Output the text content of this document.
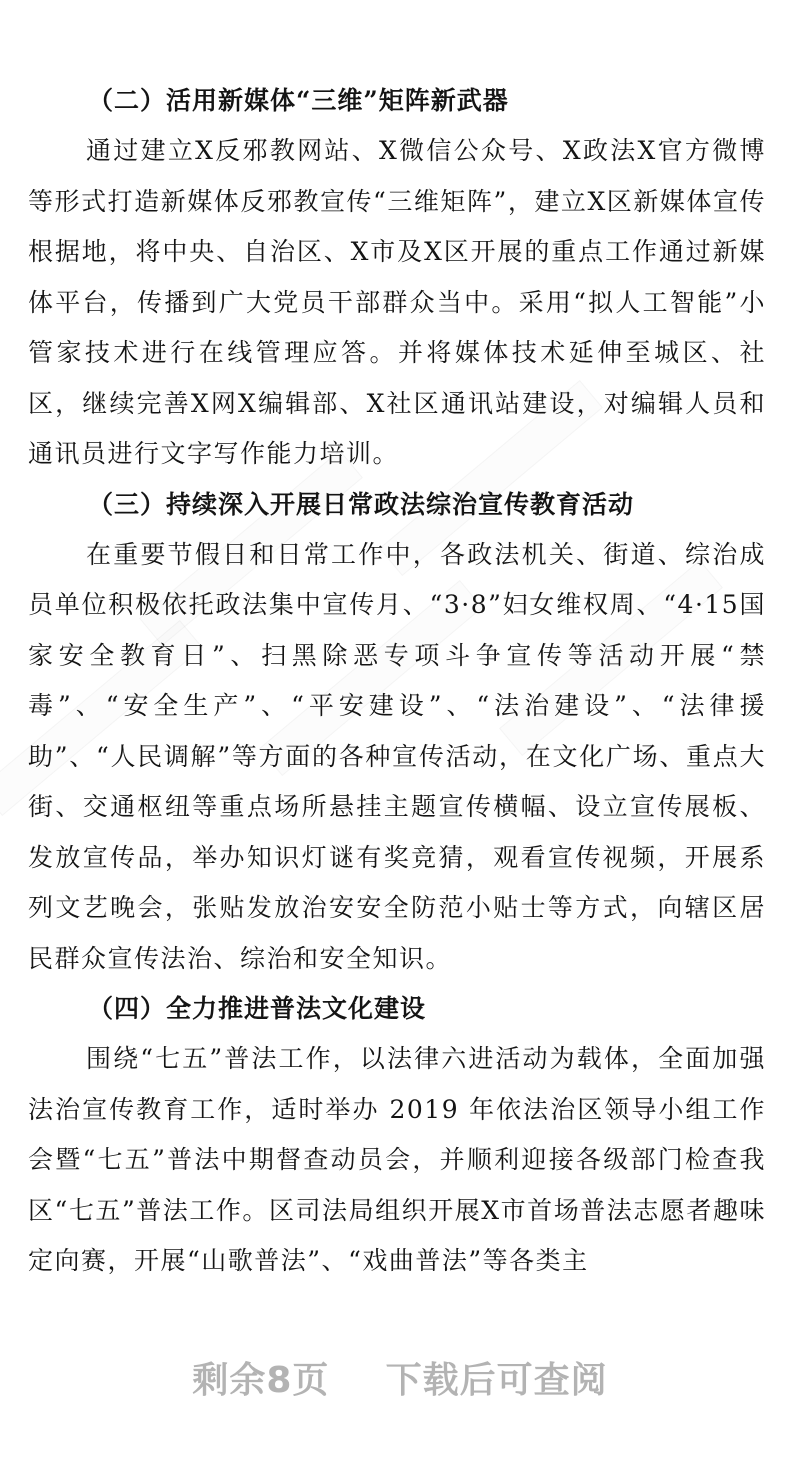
（二）活用新媒体“三维”矩阵新武器

通过建立X反邪教网站、X微信公众号、X政法X官方微博等形式打造新媒体反邪教宣传“三维矩阵”，建立X区新媒体宣传根据地，将中央、自治区、X市及X区开展的重点工作通过新媒体平台，传播到广大党员干部群众当中。采用“拟人工智能”小管家技术进行在线管理应答。并将媒体技术延伸至城区、社区，继续完善X网X编辑部、X社区通讯站建设，对编辑人员和通讯员进行文字写作能力培训。

（三）持续深入开展日常政法综治宣传教育活动

在重要节假日和日常工作中，各政法机关、街道、综治成员单位积极依托政法集中宣传月、“3·8”妇女维权周、“4·15国家安全教育日”、扫黑除恶专项斗争宣传等活动开展“禁毒”、“安全生产”、“平安建设”、“法治建设”、“法律援助”、“人民调解”等方面的各种宣传活动，在文化广场、重点大街、交通枢纽等重点场所悬挂主题宣传横幅、设立宣传展板、发放宣传品，举办知识灯谜有奖竞猜，观看宣传视频，开展系列文艺晚会，张贴发放治安安全防范小贴士等方式，向辖区居民群众宣传法治、综治和安全知识。

（四）全力推进普法文化建设

围绕“七五”普法工作，以法律六进活动为载体，全面加强法治宣传教育工作，适时举办 2019 年依法治区领导小组工作会暨“七五”普法中期督查动员会，并顺利迎接各级部门检查我区“七五”普法工作。区司法局组织开展X市首场普法志愿者趣味定向赛，开展“山歌普法”、“戏曲普法”等各类主

剩余8页 下载后可查阅
